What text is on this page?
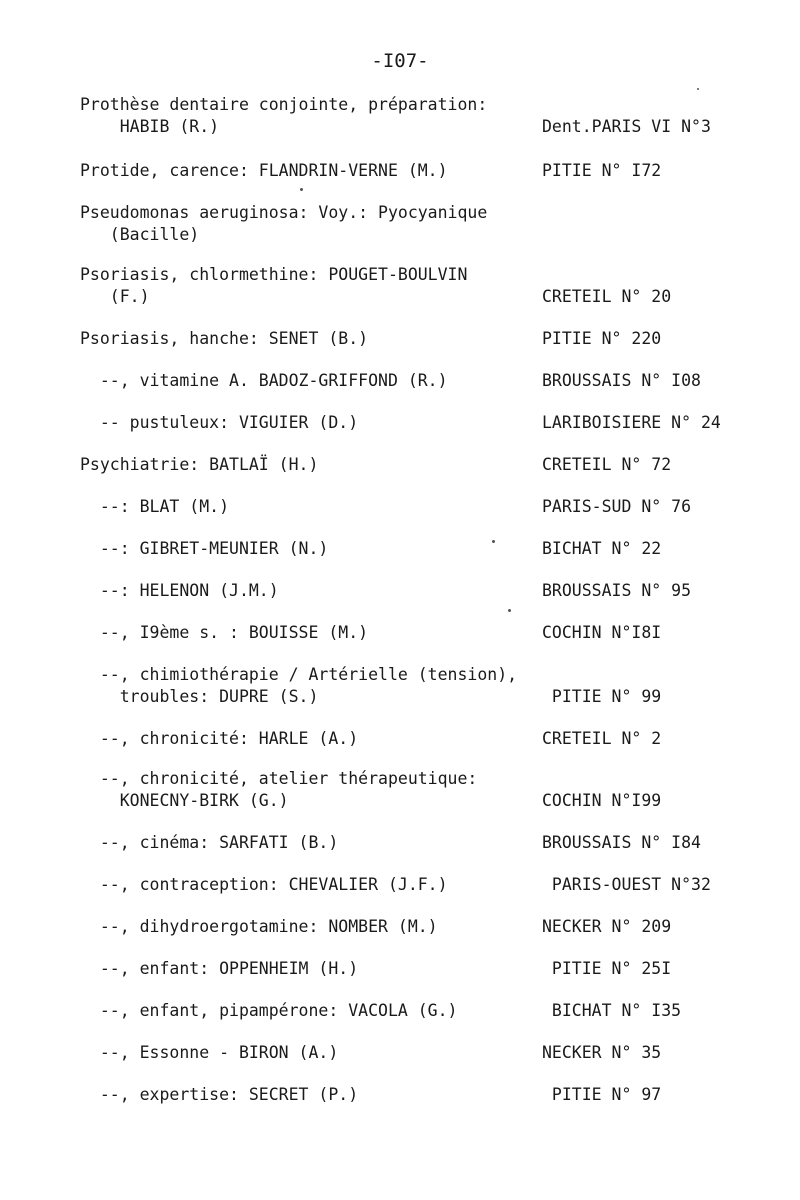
-I07-
Prothèse dentaire conjointe, préparation:
HABIB (R.)	Dent.PARIS VI N°3
Protide, carence: FLANDRIN-VERNE (M.)	PITIE N° I72
Pseudomonas aeruginosa: Voy.: Pyocyanique
(Bacille)
Psoriasis, chlormethine: POUGET-BOULVIN
(F.)	CRETEIL N° 20
Psoriasis, hanche: SENET (B.)	PITIE N° 220
--, vitamine A. BADOZ-GRIFFOND (R.)	BROUSSAIS N° I08
-- pustuleux: VIGUIER (D.)	LARIBOISIERE N° 24
Psychiatrie: BATLAЇ (H.)	CRETEIL N° 72
--: BLAT (M.)	PARIS-SUD N° 76
--: GIBRET-MEUNIER (N.)	BICHAT N° 22
--: HELENON (J.M.)	BROUSSAIS N° 95
--, I9ème s. : BOUISSE (M.)	COCHIN N°I8I
--, chimiothérapie / Artérielle (tension),
troubles: DUPRE (S.)	PITIE N° 99
--, chronicité: HARLE (A.)	CRETEIL N° 2
--, chronicité, atelier thérapeutique:
KONECNY-BIRK (G.)	COCHIN N°I99
--, cinéma: SARFATI (B.)	BROUSSAIS N° I84
--, contraception: CHEVALIER (J.F.)	PARIS-OUEST N°32
--, dihydroergotamine: NOMBER (M.)	NECKER N° 209
--, enfant: OPPENHEIM (H.)	PITIE N° 25I
--, enfant, pipampérone: VACOLA (G.)	BICHAT N° I35
--, Essonne - BIRON (A.)	NECKER N° 35
--, expertise: SECRET (P.)	PITIE N° 97
